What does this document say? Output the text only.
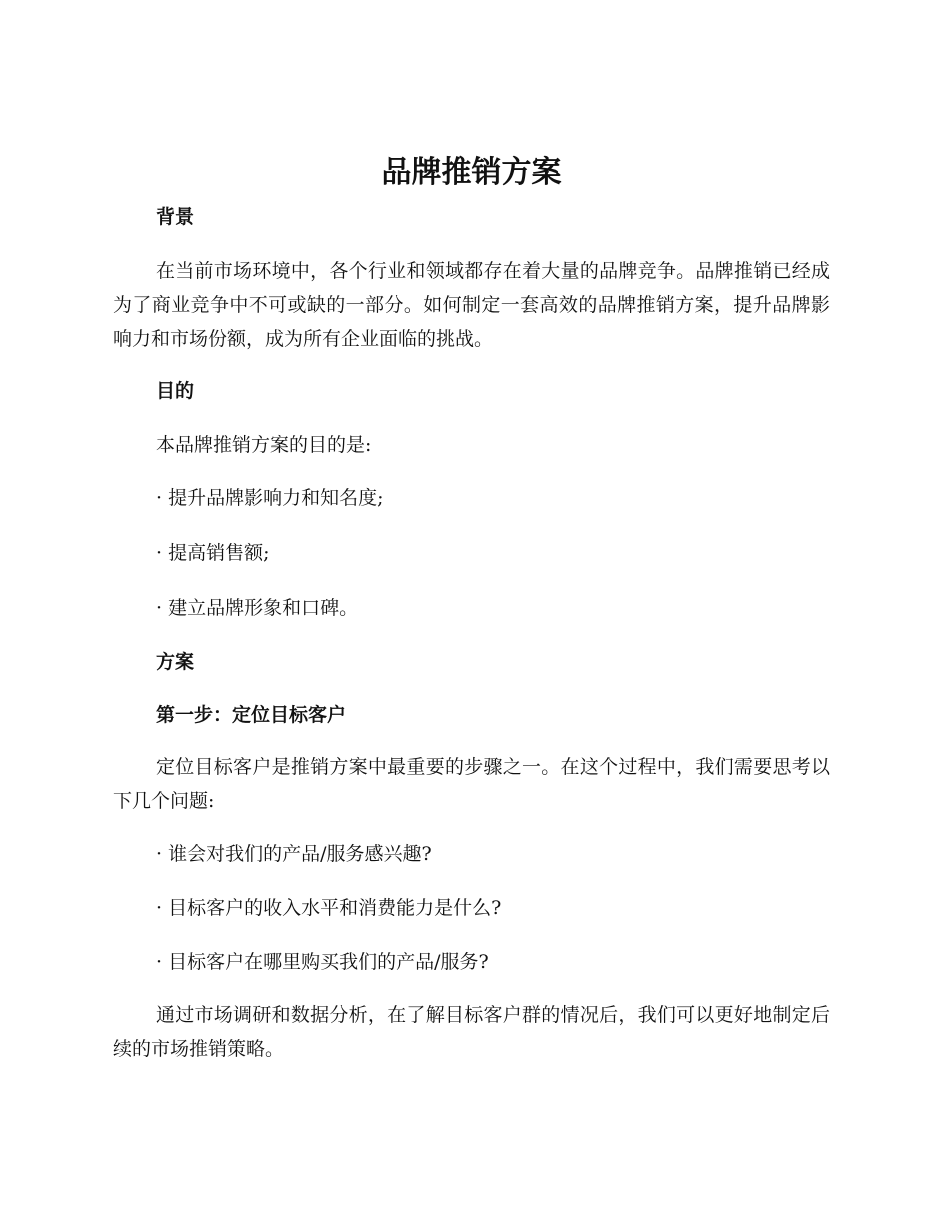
品牌推销方案
背景

在当前市场环境中，各个行业和领域都存在着大量的品牌竞争。品牌推销已经成为了商业竞争中不可或缺的一部分。如何制定一套高效的品牌推销方案，提升品牌影响力和市场份额，成为所有企业面临的挑战。

目的

本品牌推销方案的目的是:

· 提升品牌影响力和知名度;
· 提高销售额;
· 建立品牌形象和口碑。
方案
第一步：定位目标客户

定位目标客户是推销方案中最重要的步骤之一。在这个过程中，我们需要思考以下几个问题:

· 谁会对我们的产品/服务感兴趣?
· 目标客户的收入水平和消费能力是什么?
· 目标客户在哪里购买我们的产品/服务?

通过市场调研和数据分析，在了解目标客户群的情况后，我们可以更好地制定后续的市场推销策略。
